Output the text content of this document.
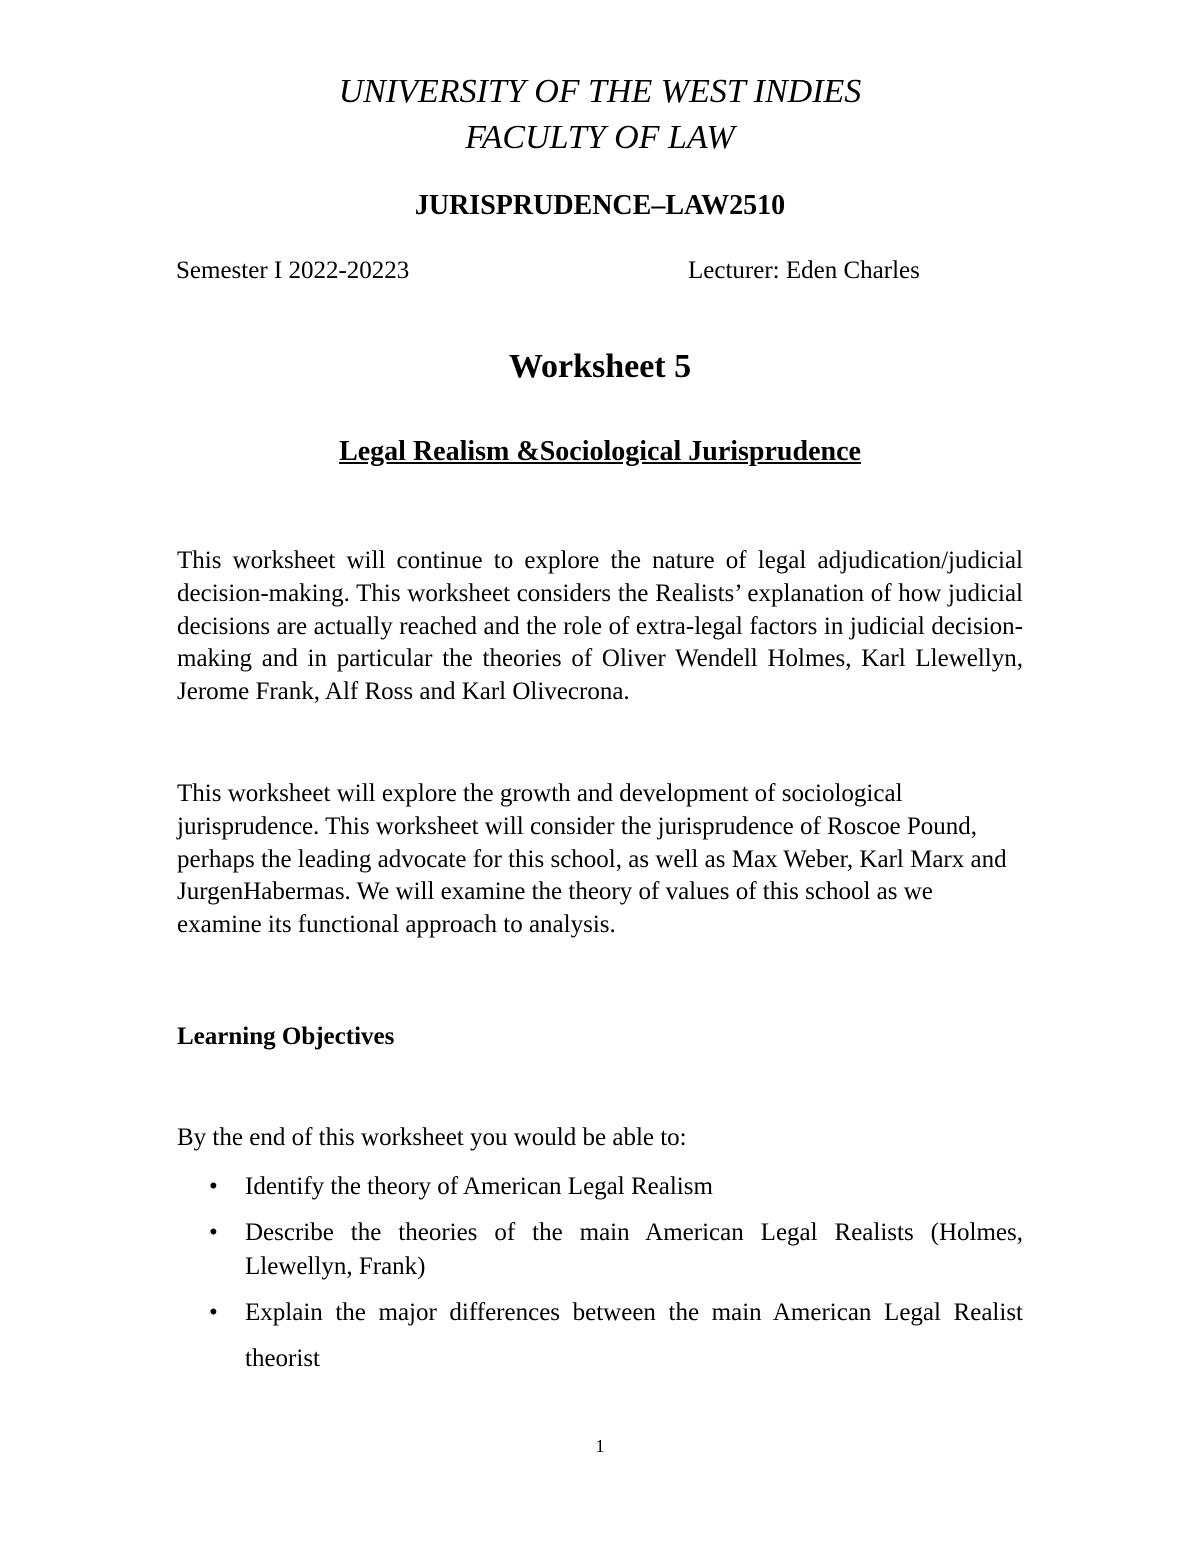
UNIVERSITY OF THE WEST INDIES
FACULTY OF LAW
JURISPRUDENCE–LAW2510
Semester I 2022-20223	Lecturer: Eden Charles
Worksheet 5
Legal Realism &Sociological Jurisprudence

This worksheet will continue to explore the nature of legal adjudication/judicial decision-making. This worksheet considers the Realists’ explanation of how judicial decisions are actually reached and the role of extra-legal factors in judicial decision-making and in particular the theories of Oliver Wendell Holmes, Karl Llewellyn, Jerome Frank, Alf Ross and Karl Olivecrona.

This worksheet will explore the growth and development of sociological jurisprudence. This worksheet will consider the jurisprudence of Roscoe Pound, perhaps the leading advocate for this school, as well as Max Weber, Karl Marx and JurgenHabermas. We will examine the theory of values of this school as we examine its functional approach to analysis.

Learning Objectives
By the end of this worksheet you would be able to:
• Identify the theory of American Legal Realism
• Describe the theories of the main American Legal Realists (Holmes, Llewellyn, Frank)
• Explain the major differences between the main American Legal Realist theorist
1
